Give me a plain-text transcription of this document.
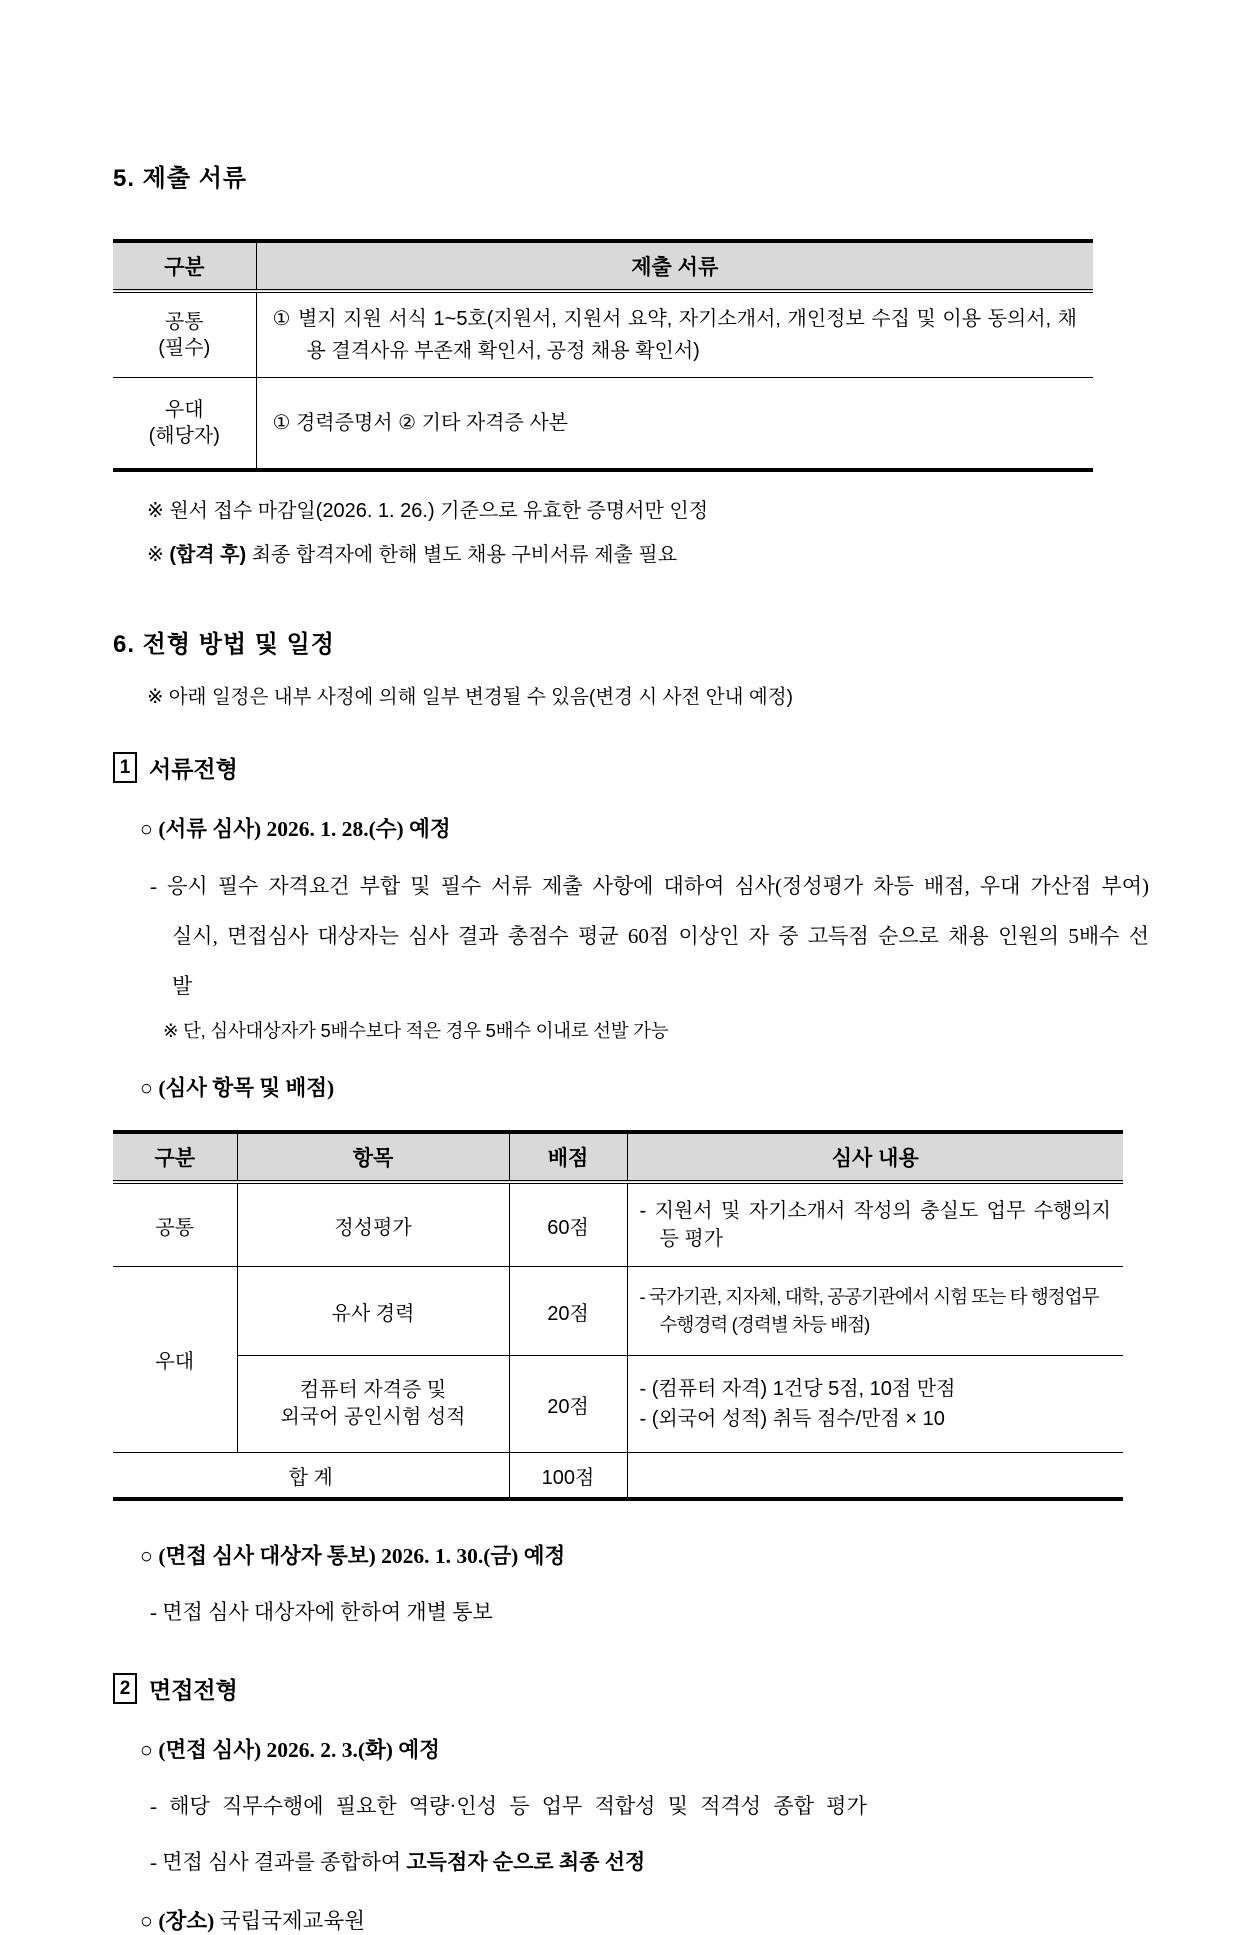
5. 제출 서류
구분	제출 서류
공통
(필수)	① 별지 지원 서식 1~5호(지원서, 지원서 요약, 자기소개서, 개인정보 수집 및 이용 동의서, 채용 결격사유 부존재 확인서, 공정 채용 확인서)

우대
(해당자)	① 경력증명서 ② 기타 자격증 사본
※ 원서 접수 마감일(2026. 1. 26.) 기준으로 유효한 증명서만 인정
※ (합격 후) 최종 합격자에 한해 별도 채용 구비서류 제출 필요
6. 전형 방법 및 일정
※ 아래 일정은 내부 사정에 의해 일부 변경될 수 있음(변경 시 사전 안내 예정)
1 서류전형
○ (서류 심사) 2026. 1. 28.(수) 예정
- 응시 필수 자격요건 부합 및 필수 서류 제출 사항에 대하여 심사(정성평가 차등 배점, 우대 가산점 부여) 실시, 면접심사 대상자는 심사 결과 총점수 평균 60점 이상인 자 중 고득점 순으로 채용 인원의 5배수 선발
※ 단, 심사대상자가 5배수보다 적은 경우 5배수 이내로 선발 가능
○ (심사 항목 및 배점)
구분	항목	배점	심사 내용
공통	정성평가	60점	- 지원서 및 자기소개서 작성의 충실도 업무 수행의지 등 평가

우대	유사 경력	20점	- 국가기관, 지자체, 대학, 공공기관에서 시험 또는 타 행정업무 수행경력 (경력별 차등 배점)

	컴퓨터 자격증 및
외국어 공인시험 성적	20점	- (컴퓨터 자격) 1건당 5점, 10점 만점
- (외국어 성적) 취득 점수/만점 × 10

합 계		100점	
○ (면접 심사 대상자 통보) 2026. 1. 30.(금) 예정
- 면접 심사 대상자에 한하여 개별 통보
2 면접전형
○ (면접 심사) 2026. 2. 3.(화) 예정
- 해당 직무수행에 필요한 역량·인성 등 업무 적합성 및 적격성 종합 평가
- 면접 심사 결과를 종합하여 고득점자 순으로 최종 선정
○ (장소) 국립국제교육원
